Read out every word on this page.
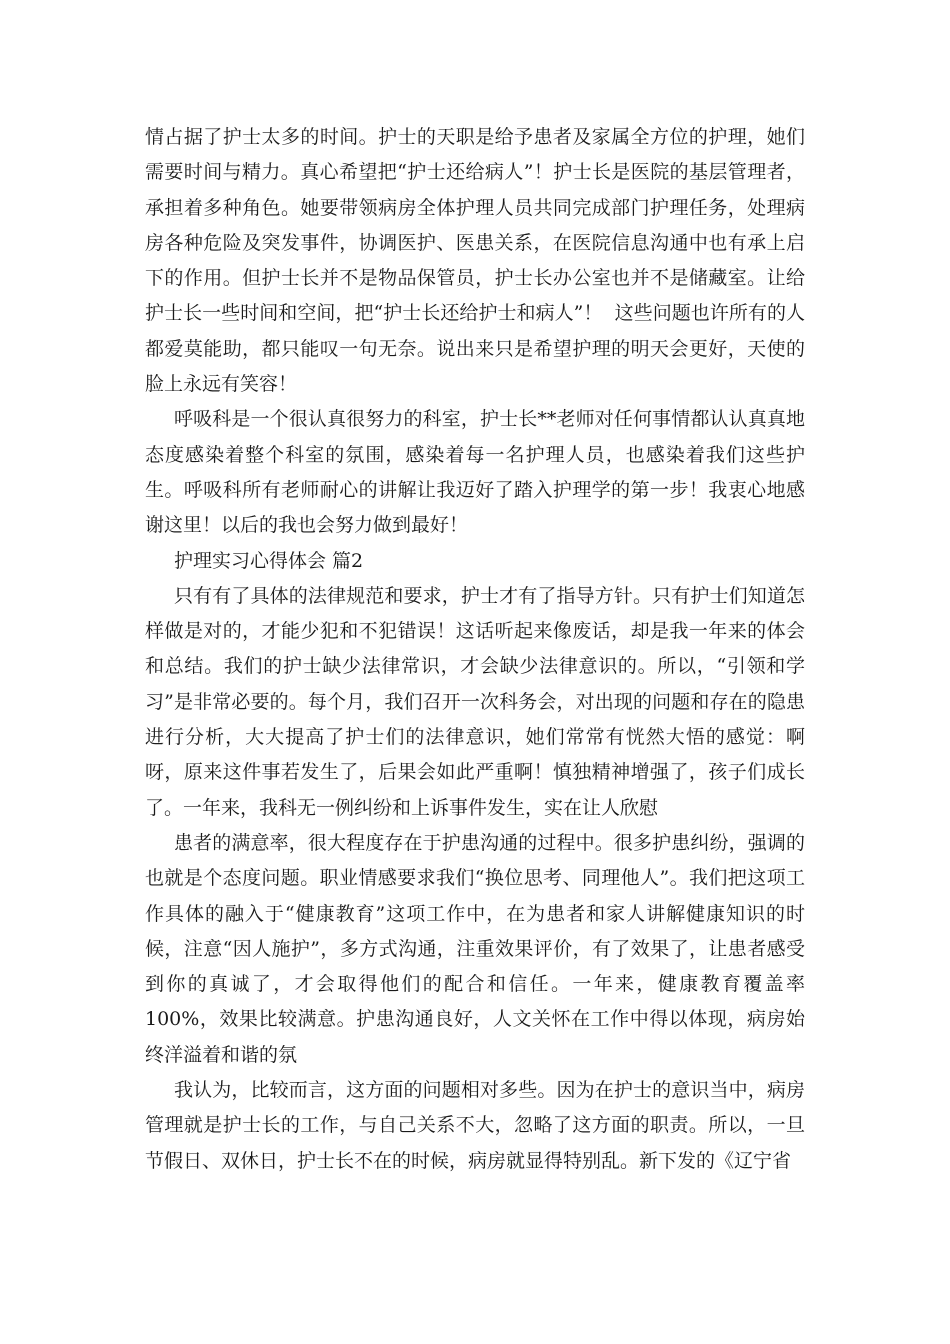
情占据了护士太多的时间。护士的天职是给予患者及家属全方位的护理，她们需要时间与精力。真心希望把“护士还给病人”！护士长是医院的基层管理者，承担着多种角色。她要带领病房全体护理人员共同完成部门护理任务，处理病房各种危险及突发事件，协调医护、医患关系，在医院信息沟通中也有承上启下的作用。但护士长并不是物品保管员，护士长办公室也并不是储藏室。让给护士长一些时间和空间，把“护士长还给护士和病人”！  这些问题也许所有的人都爱莫能助，都只能叹一句无奈。说出来只是希望护理的明天会更好，天使的脸上永远有笑容！

呼吸科是一个很认真很努力的科室，护士长**老师对任何事情都认认真真地态度感染着整个科室的氛围，感染着每一名护理人员，也感染着我们这些护生。呼吸科所有老师耐心的讲解让我迈好了踏入护理学的第一步！我衷心地感谢这里！以后的我也会努力做到最好！

护理实习心得体会 篇2

只有有了具体的法律规范和要求，护士才有了指导方针。只有护士们知道怎样做是对的，才能少犯和不犯错误！这话听起来像废话，却是我一年来的体会和总结。我们的护士缺少法律常识，才会缺少法律意识的。所以，“引领和学习”是非常必要的。每个月，我们召开一次科务会，对出现的问题和存在的隐患进行分析，大大提高了护士们的法律意识，她们常常有恍然大悟的感觉：啊呀，原来这件事若发生了，后果会如此严重啊！慎独精神增强了，孩子们成长了。一年来，我科无一例纠纷和上诉事件发生，实在让人欣慰

患者的满意率，很大程度存在于护患沟通的过程中。很多护患纠纷，强调的也就是个态度问题。职业情感要求我们“换位思考、同理他人”。我们把这项工作具体的融入于“健康教育”这项工作中，在为患者和家人讲解健康知识的时候，注意“因人施护”，多方式沟通，注重效果评价，有了效果了，让患者感受到你的真诚了，才会取得他们的配合和信任。一年来，健康教育覆盖率100%，效果比较满意。护患沟通良好，人文关怀在工作中得以体现，病房始终洋溢着和谐的氛

我认为，比较而言，这方面的问题相对多些。因为在护士的意识当中，病房管理就是护士长的工作，与自己关系不大，忽略了这方面的职责。所以，一旦节假日、双休日，护士长不在的时候，病房就显得特别乱。新下发的《辽宁省
